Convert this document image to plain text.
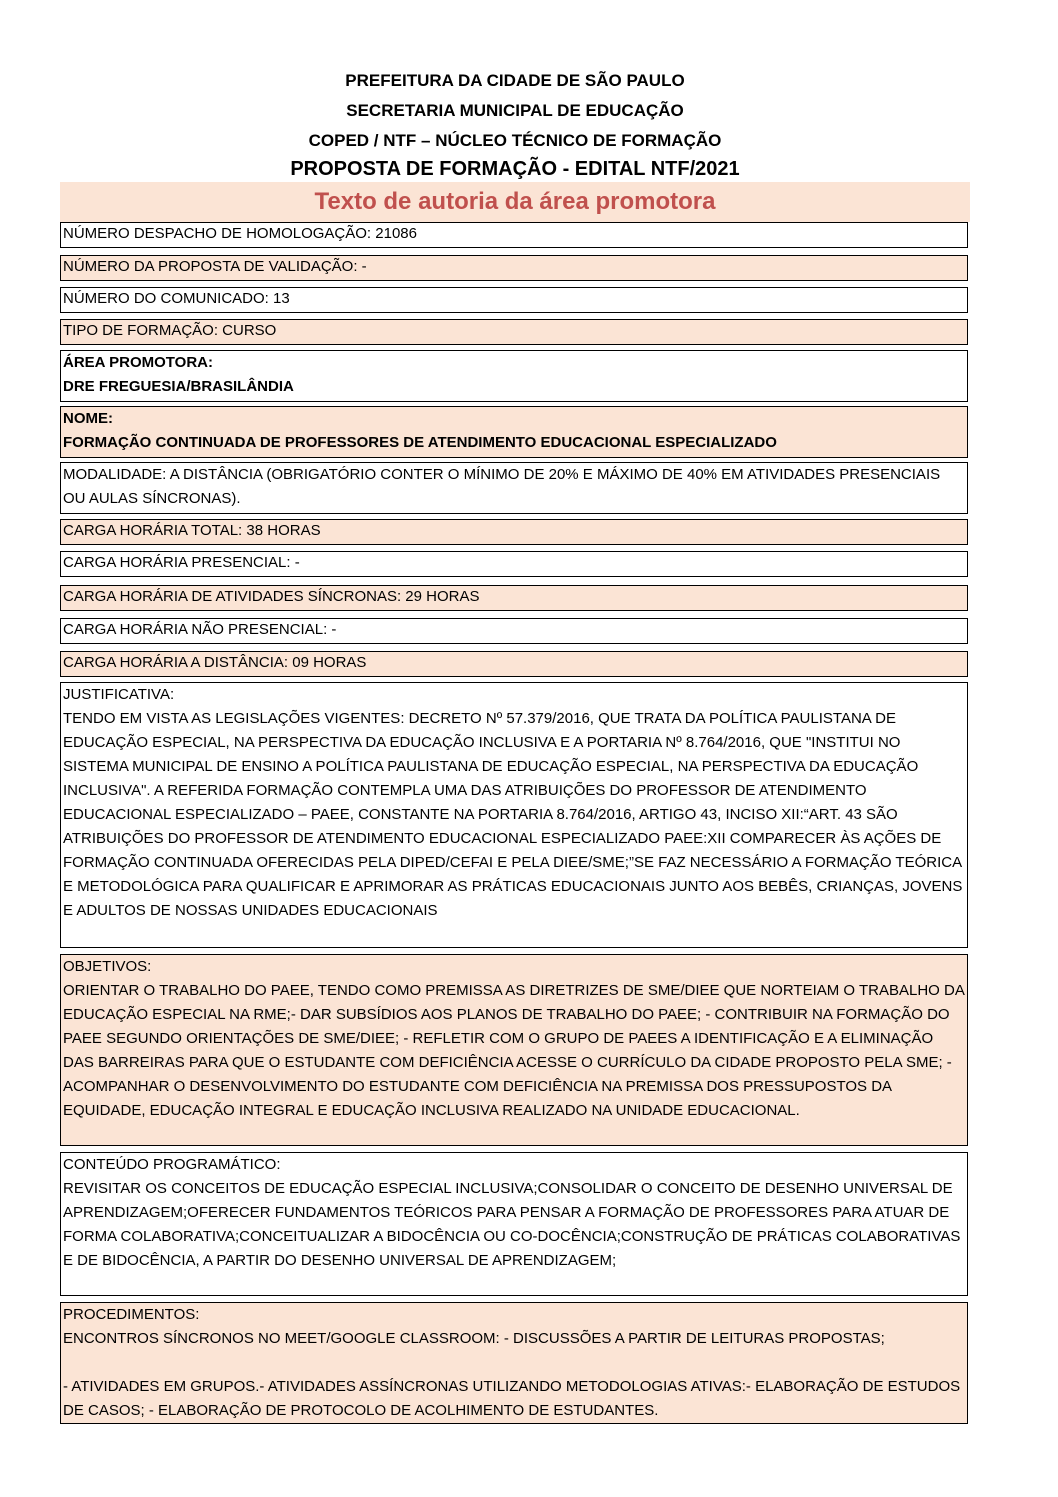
PREFEITURA DA CIDADE DE SÃO PAULO
SECRETARIA MUNICIPAL DE EDUCAÇÃO
COPED / NTF – NÚCLEO TÉCNICO DE FORMAÇÃO
PROPOSTA DE FORMAÇÃO - EDITAL NTF/2021
Texto de autoria da área promotora
NÚMERO DESPACHO DE HOMOLOGAÇÃO: 21086
NÚMERO DA PROPOSTA DE VALIDAÇÃO: -
NÚMERO DO COMUNICADO: 13
TIPO DE FORMAÇÃO: CURSO
ÁREA PROMOTORA:
DRE FREGUESIA/BRASILÂNDIA
NOME:
FORMAÇÃO CONTINUADA DE PROFESSORES DE ATENDIMENTO EDUCACIONAL ESPECIALIZADO
MODALIDADE: A DISTÂNCIA (OBRIGATÓRIO CONTER O MÍNIMO DE 20% E MÁXIMO DE 40% EM ATIVIDADES PRESENCIAIS OU AULAS SÍNCRONAS).
CARGA HORÁRIA TOTAL: 38 HORAS
CARGA HORÁRIA PRESENCIAL: -
CARGA HORÁRIA DE ATIVIDADES SÍNCRONAS: 29 HORAS
CARGA HORÁRIA NÃO PRESENCIAL: -
CARGA HORÁRIA A DISTÂNCIA: 09 HORAS
JUSTIFICATIVA:
TENDO EM VISTA AS LEGISLAÇÕES VIGENTES: DECRETO Nº 57.379/2016, QUE TRATA DA POLÍTICA PAULISTANA DE EDUCAÇÃO ESPECIAL, NA PERSPECTIVA DA EDUCAÇÃO INCLUSIVA E A PORTARIA Nº 8.764/2016, QUE "INSTITUI NO SISTEMA MUNICIPAL DE ENSINO A POLÍTICA PAULISTANA DE EDUCAÇÃO ESPECIAL, NA PERSPECTIVA DA EDUCAÇÃO INCLUSIVA". A REFERIDA FORMAÇÃO CONTEMPLA UMA DAS ATRIBUIÇÕES DO PROFESSOR DE ATENDIMENTO EDUCACIONAL ESPECIALIZADO – PAEE, CONSTANTE NA PORTARIA 8.764/2016, ARTIGO 43, INCISO XII:“ART. 43 SÃO ATRIBUIÇÕES DO PROFESSOR DE ATENDIMENTO EDUCACIONAL ESPECIALIZADO PAEE:XII COMPARECER ÀS AÇÕES DE FORMAÇÃO CONTINUADA OFERECIDAS PELA DIPED/CEFAI E PELA DIEE/SME;”SE FAZ NECESSÁRIO A FORMAÇÃO TEÓRICA E METODOLÓGICA PARA QUALIFICAR E APRIMORAR AS PRÁTICAS EDUCACIONAIS JUNTO AOS BEBÊS, CRIANÇAS, JOVENS E ADULTOS DE NOSSAS UNIDADES EDUCACIONAIS
OBJETIVOS:
ORIENTAR O TRABALHO DO PAEE, TENDO COMO PREMISSA AS DIRETRIZES DE SME/DIEE QUE NORTEIAM O TRABALHO DA EDUCAÇÃO ESPECIAL NA RME;- DAR SUBSÍDIOS AOS PLANOS DE TRABALHO DO PAEE; - CONTRIBUIR NA FORMAÇÃO DO PAEE SEGUNDO ORIENTAÇÕES DE SME/DIEE; - REFLETIR COM O GRUPO DE PAEES A IDENTIFICAÇÃO E A ELIMINAÇÃO DAS BARREIRAS PARA QUE O ESTUDANTE COM DEFICIÊNCIA ACESSE O CURRÍCULO DA CIDADE PROPOSTO PELA SME; - ACOMPANHAR O DESENVOLVIMENTO DO ESTUDANTE COM DEFICIÊNCIA NA PREMISSA DOS PRESSUPOSTOS DA EQUIDADE, EDUCAÇÃO INTEGRAL E EDUCAÇÃO INCLUSIVA REALIZADO NA UNIDADE EDUCACIONAL.
CONTEÚDO PROGRAMÁTICO:
REVISITAR OS CONCEITOS DE EDUCAÇÃO ESPECIAL INCLUSIVA;CONSOLIDAR O CONCEITO DE DESENHO UNIVERSAL DE APRENDIZAGEM;OFERECER FUNDAMENTOS TEÓRICOS PARA PENSAR A FORMAÇÃO DE PROFESSORES PARA ATUAR DE FORMA COLABORATIVA;CONCEITUALIZAR A BIDOCÊNCIA OU CO-DOCÊNCIA;CONSTRUÇÃO DE PRÁTICAS COLABORATIVAS E DE BIDOCÊNCIA, A PARTIR DO DESENHO UNIVERSAL DE APRENDIZAGEM;
PROCEDIMENTOS:
ENCONTROS SÍNCRONOS NO MEET/GOOGLE CLASSROOM: - DISCUSSÕES A PARTIR DE LEITURAS PROPOSTAS;
- ATIVIDADES EM GRUPOS.- ATIVIDADES ASSÍNCRONAS UTILIZANDO METODOLOGIAS ATIVAS:- ELABORAÇÃO DE ESTUDOS DE CASOS; - ELABORAÇÃO DE PROTOCOLO DE ACOLHIMENTO DE ESTUDANTES.
